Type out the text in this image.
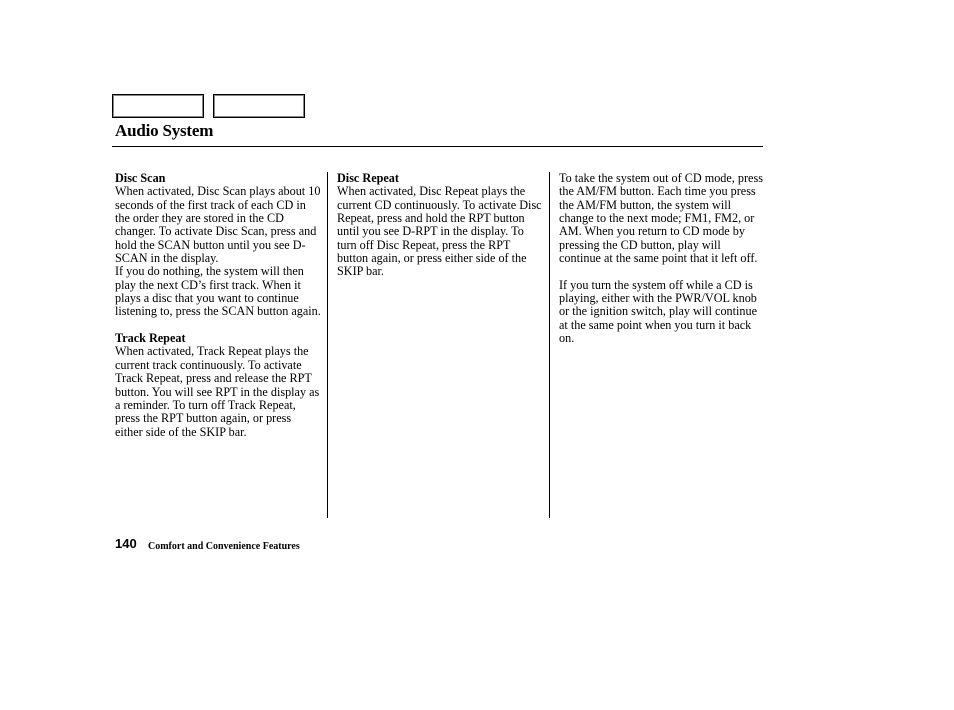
Audio System
Disc Scan
When activated, Disc Scan plays about 10 seconds of the first track of each CD in the order they are stored in the CD changer. To activate Disc Scan, press and hold the SCAN button until you see D-SCAN in the display.
If you do nothing, the system will then play the next CD’s first track. When it plays a disc that you want to continue listening to, press the SCAN button again.
Track Repeat
When activated, Track Repeat plays the current track continuously. To activate Track Repeat, press and release the RPT button. You will see RPT in the display as a reminder. To turn off Track Repeat, press the RPT button again, or press either side of the SKIP bar.
Disc Repeat
When activated, Disc Repeat plays the current CD continuously. To activate Disc Repeat, press and hold the RPT button until you see D-RPT in the display. To turn off Disc Repeat, press the RPT button again, or press either side of the SKIP bar.
To take the system out of CD mode, press the AM/FM button. Each time you press the AM/FM button, the system will change to the next mode; FM1, FM2, or AM. When you return to CD mode by pressing the CD button, play will continue at the same point that it left off.
If you turn the system off while a CD is playing, either with the PWR/VOL knob or the ignition switch, play will continue at the same point when you turn it back on.
140 Comfort and Convenience Features
